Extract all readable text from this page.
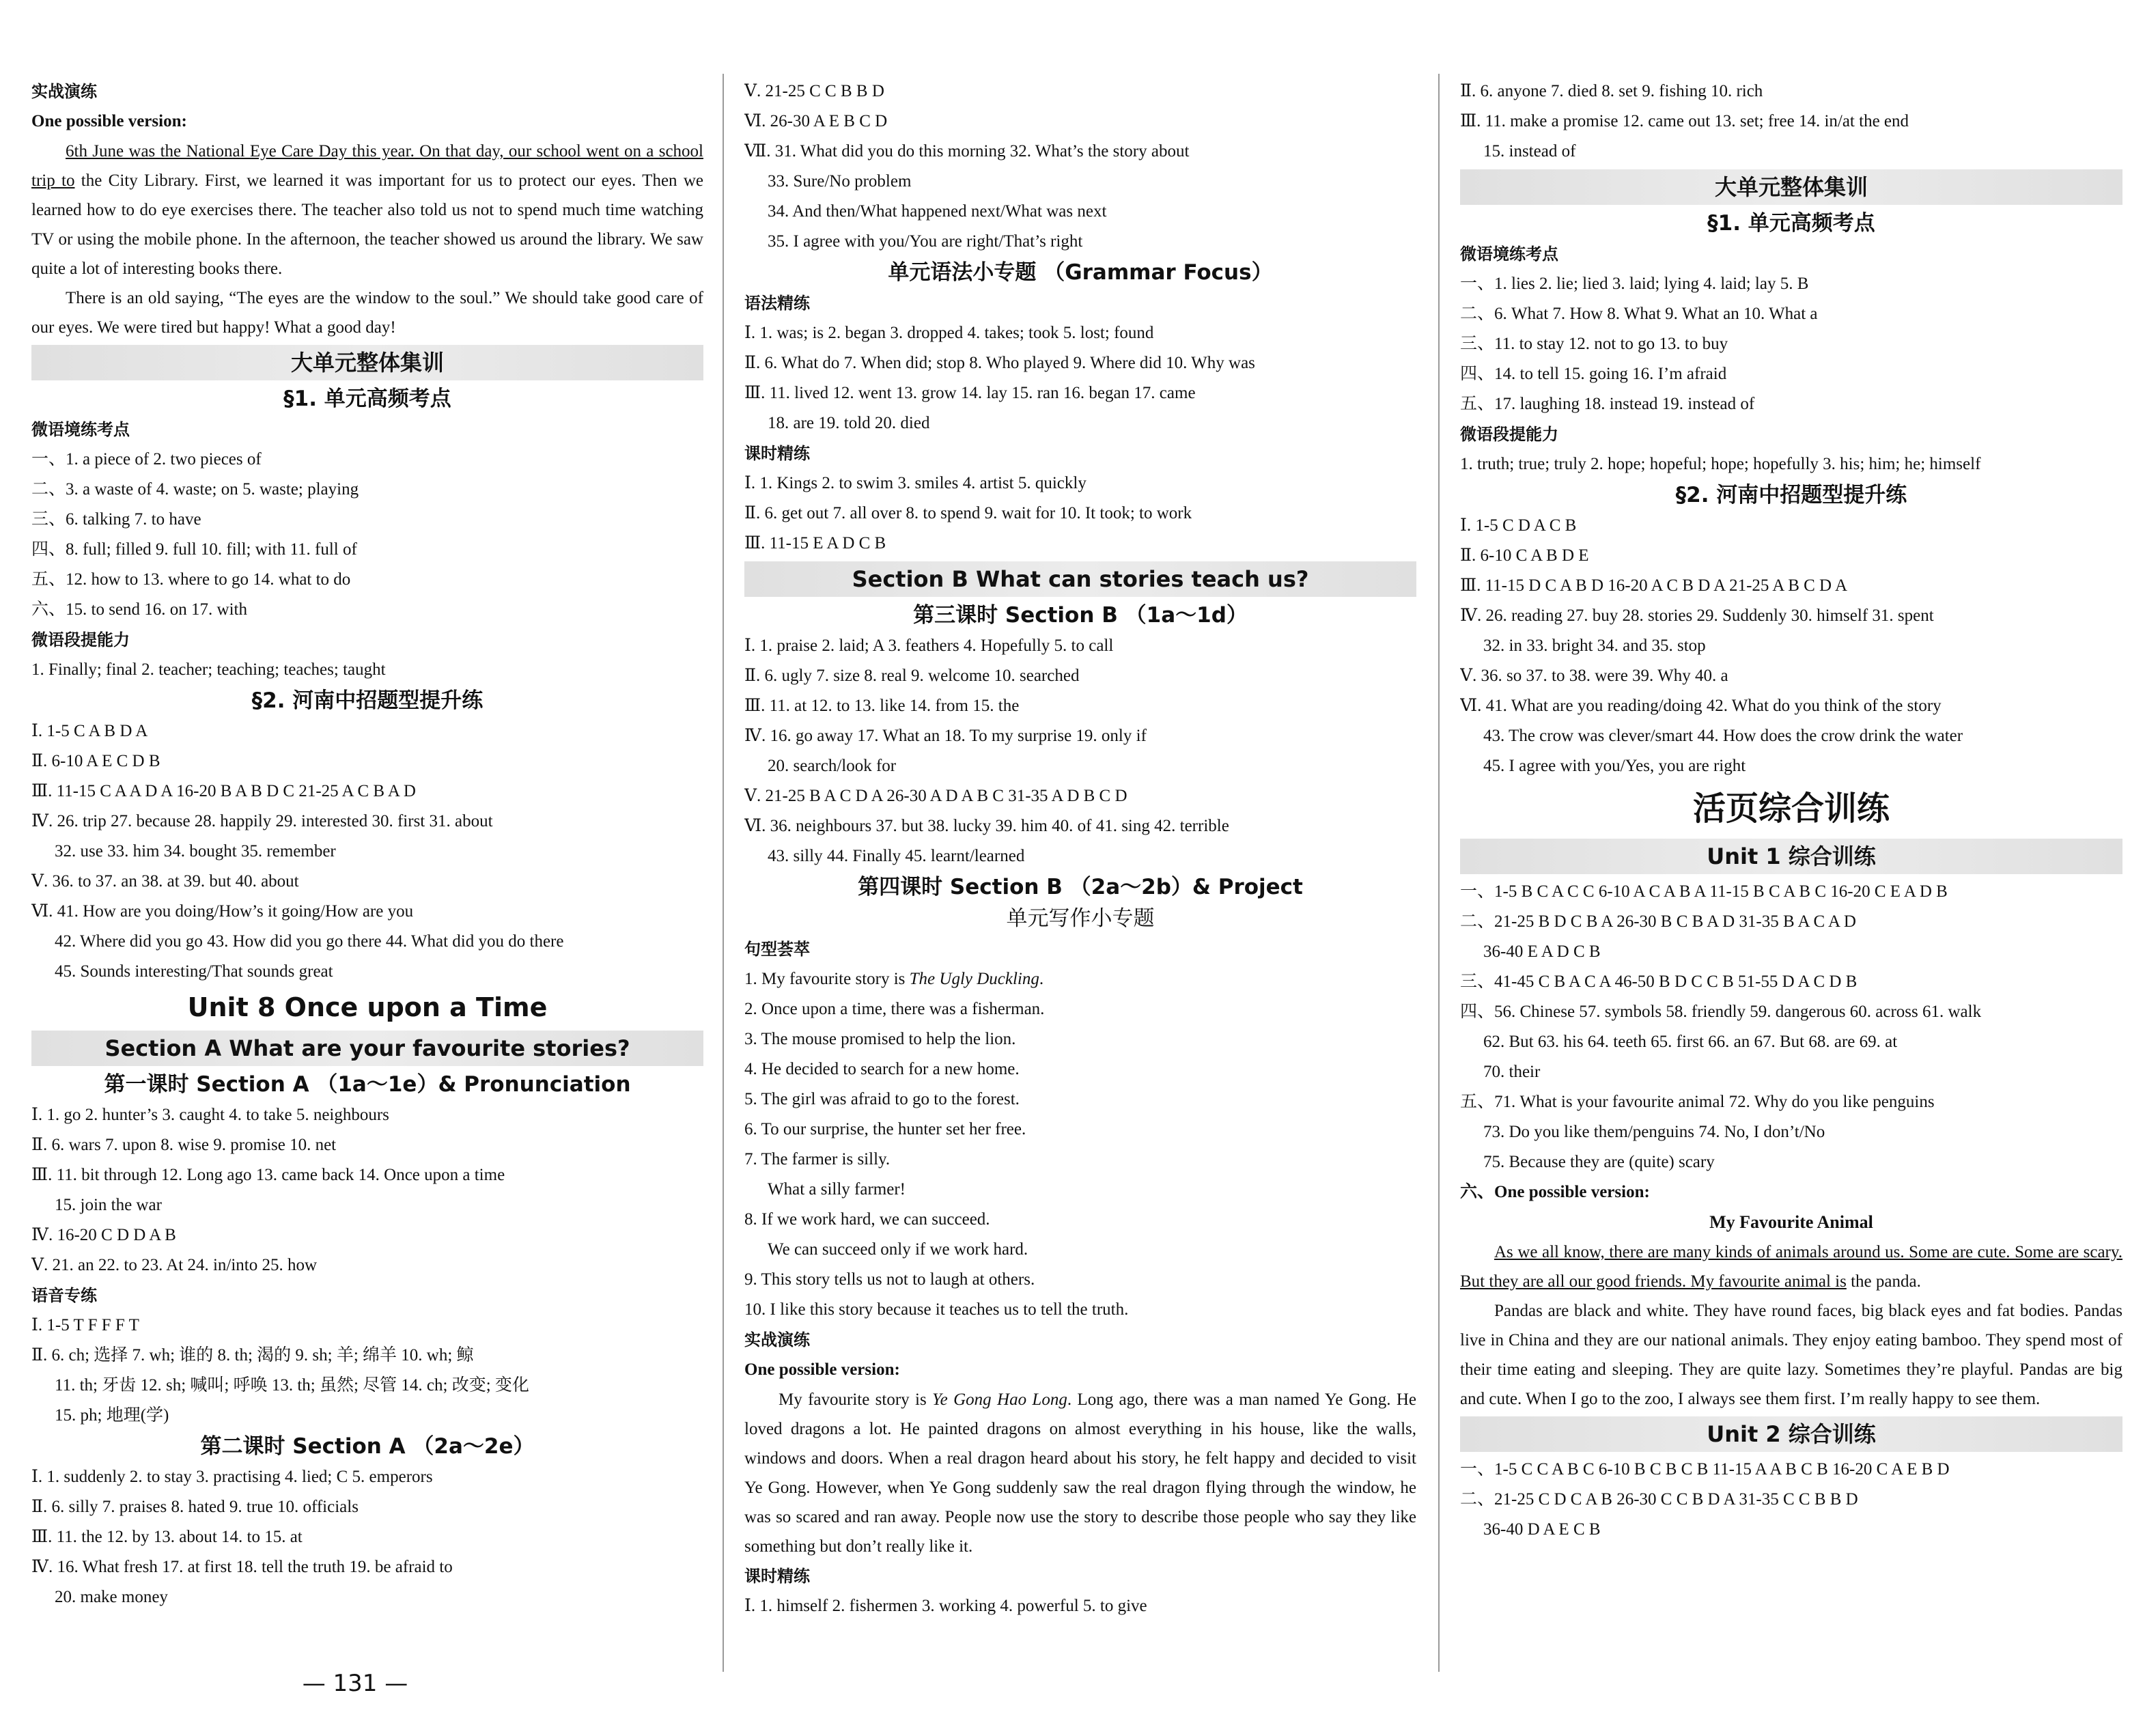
实战演练
One possible version:
6th June was the National Eye Care Day this year. On that day, our school went on a school trip to the City Library. First, we learned it was important for us to protect our eyes. Then we learned how to do eye exercises there. The teacher also told us not to spend much time watching TV or using the mobile phone. In the afternoon, the teacher showed us around the library. We saw quite a lot of interesting books there.
There is an old saying, “The eyes are the window to the soul.” We should take good care of our eyes. We were tired but happy! What a good day!
大单元整体集训
§1. 单元高频考点
微语境练考点
一、1. a piece of 2. two pieces of
二、3. a waste of 4. waste; on 5. waste; playing
三、6. talking 7. to have
四、8. full; filled 9. full 10. fill; with 11. full of
五、12. how to 13. where to go 14. what to do
六、15. to send 16. on 17. with
微语段提能力
1. Finally; final 2. teacher; teaching; teaches; taught
§2. 河南中招题型提升练
Ⅰ. 1-5 C A B D A
Ⅱ. 6-10 A E C D B
Ⅲ. 11-15 C A A D A 16-20 B A B D C 21-25 A C B A D
Ⅳ. 26. trip 27. because 28. happily 29. interested 30. first 31. about
32. use 33. him 34. bought 35. remember
Ⅴ. 36. to 37. an 38. at 39. but 40. about
Ⅵ. 41. How are you doing/How’s it going/How are you
42. Where did you go 43. How did you go there 44. What did you do there
45. Sounds interesting/That sounds great
Unit 8 Once upon a Time
Section A What are your favourite stories?
第一课时 Section A （1a～1e）& Pronunciation
Ⅰ. 1. go 2. hunter’s 3. caught 4. to take 5. neighbours
Ⅱ. 6. wars 7. upon 8. wise 9. promise 10. net
Ⅲ. 11. bit through 12. Long ago 13. came back 14. Once upon a time
15. join the war
Ⅳ. 16-20 C D D A B
Ⅴ. 21. an 22. to 23. At 24. in/into 25. how
语音专练
Ⅰ. 1-5 T F F F T
Ⅱ. 6. ch; 选择 7. wh; 谁的 8. th; 渴的 9. sh; 羊; 绵羊 10. wh; 鲸
11. th; 牙齿 12. sh; 喊叫; 呼唤 13. th; 虽然; 尽管 14. ch; 改变; 变化
15. ph; 地理(学)
第二课时 Section A （2a～2e）
Ⅰ. 1. suddenly 2. to stay 3. practising 4. lied; C 5. emperors
Ⅱ. 6. silly 7. praises 8. hated 9. true 10. officials
Ⅲ. 11. the 12. by 13. about 14. to 15. at
Ⅳ. 16. What fresh 17. at first 18. tell the truth 19. be afraid to
20. make money
Ⅴ. 21-25 C C B B D
Ⅵ. 26-30 A E B C D
Ⅶ. 31. What did you do this morning 32. What’s the story about
33. Sure/No problem
34. And then/What happened next/What was next
35. I agree with you/You are right/That’s right
单元语法小专题 （Grammar Focus）
语法精练
Ⅰ. 1. was; is 2. began 3. dropped 4. takes; took 5. lost; found
Ⅱ. 6. What do 7. When did; stop 8. Who played 9. Where did 10. Why was
Ⅲ. 11. lived 12. went 13. grow 14. lay 15. ran 16. began 17. came
18. are 19. told 20. died
课时精练
Ⅰ. 1. Kings 2. to swim 3. smiles 4. artist 5. quickly
Ⅱ. 6. get out 7. all over 8. to spend 9. wait for 10. It took; to work
Ⅲ. 11-15 E A D C B
Section B What can stories teach us?
第三课时 Section B （1a～1d）
Ⅰ. 1. praise 2. laid; A 3. feathers 4. Hopefully 5. to call
Ⅱ. 6. ugly 7. size 8. real 9. welcome 10. searched
Ⅲ. 11. at 12. to 13. like 14. from 15. the
Ⅳ. 16. go away 17. What an 18. To my surprise 19. only if
20. search/look for
Ⅴ. 21-25 B A C D A 26-30 A D A B C 31-35 A D B C D
Ⅵ. 36. neighbours 37. but 38. lucky 39. him 40. of 41. sing 42. terrible
43. silly 44. Finally 45. learnt/learned
第四课时 Section B （2a～2b）& Project
单元写作小专题
句型荟萃
1. My favourite story is The Ugly Duckling.
2. Once upon a time, there was a fisherman.
3. The mouse promised to help the lion.
4. He decided to search for a new home.
5. The girl was afraid to go to the forest.
6. To our surprise, the hunter set her free.
7. The farmer is silly.
What a silly farmer!
8. If we work hard, we can succeed.
We can succeed only if we work hard.
9. This story tells us not to laugh at others.
10. I like this story because it teaches us to tell the truth.
实战演练
One possible version:
My favourite story is Ye Gong Hao Long. Long ago, there was a man named Ye Gong. He loved dragons a lot. He painted dragons on almost everything in his house, like the walls, windows and doors. When a real dragon heard about his story, he felt happy and decided to visit Ye Gong. However, when Ye Gong suddenly saw the real dragon flying through the window, he was so scared and ran away. People now use the story to describe those people who say they like something but don’t really like it.
课时精练
Ⅰ. 1. himself 2. fishermen 3. working 4. powerful 5. to give
Ⅱ. 6. anyone 7. died 8. set 9. fishing 10. rich
Ⅲ. 11. make a promise 12. came out 13. set; free 14. in/at the end
15. instead of
大单元整体集训
§1. 单元高频考点
微语境练考点
一、1. lies 2. lie; lied 3. laid; lying 4. laid; lay 5. B
二、6. What 7. How 8. What 9. What an 10. What a
三、11. to stay 12. not to go 13. to buy
四、14. to tell 15. going 16. I’m afraid
五、17. laughing 18. instead 19. instead of
微语段提能力
1. truth; true; truly 2. hope; hopeful; hope; hopefully 3. his; him; he; himself
§2. 河南中招题型提升练
Ⅰ. 1-5 C D A C B
Ⅱ. 6-10 C A B D E
Ⅲ. 11-15 D C A B D 16-20 A C B D A 21-25 A B C D A
Ⅳ. 26. reading 27. buy 28. stories 29. Suddenly 30. himself 31. spent
32. in 33. bright 34. and 35. stop
Ⅴ. 36. so 37. to 38. were 39. Why 40. a
Ⅵ. 41. What are you reading/doing 42. What do you think of the story
43. The crow was clever/smart 44. How does the crow drink the water
45. I agree with you/Yes, you are right
活页综合训练
Unit 1 综合训练
一、1-5 B C A C C 6-10 A C A B A 11-15 B C A B C 16-20 C E A D B
二、21-25 B D C B A 26-30 B C B A D 31-35 B A C A D
36-40 E A D C B
三、41-45 C B A C A 46-50 B D C C B 51-55 D A C D B
四、56. Chinese 57. symbols 58. friendly 59. dangerous 60. across 61. walk
62. But 63. his 64. teeth 65. first 66. an 67. But 68. are 69. at
70. their
五、71. What is your favourite animal 72. Why do you like penguins
73. Do you like them/penguins 74. No, I don’t/No
75. Because they are (quite) scary
六、One possible version:
My Favourite Animal
As we all know, there are many kinds of animals around us. Some are cute. Some are scary. But they are all our good friends. My favourite animal is the panda.
Pandas are black and white. They have round faces, big black eyes and fat bodies. Pandas live in China and they are our national animals. They enjoy eating bamboo. They spend most of their time eating and sleeping. They are quite lazy. Sometimes they’re playful. Pandas are big and cute. When I go to the zoo, I always see them first. I’m really happy to see them.
Unit 2 综合训练
一、1-5 C C A B C 6-10 B C B C B 11-15 A A B C B 16-20 C A E B D
二、21-25 C D C A B 26-30 C C B D A 31-35 C C B B D
36-40 D A E C B
— 131 —
